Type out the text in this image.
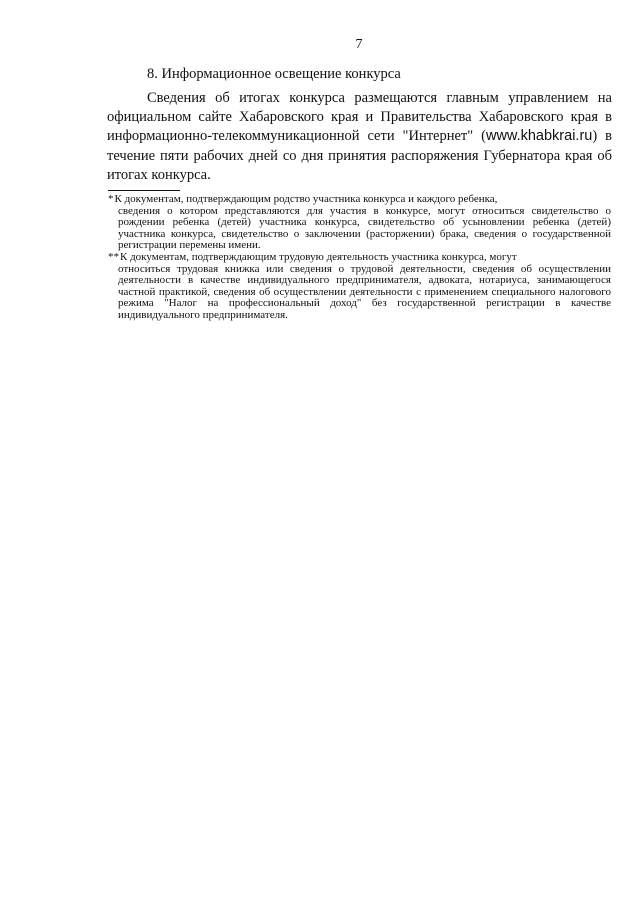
7
8. Информационное освещение конкурса

Сведения об итогах конкурса размещаются главным управлением на официальном сайте Хабаровского края и Правительства Хабаровского края в информационно-телекоммуникационной сети "Интернет" (www.khabkrai.ru) в течение пяти рабочих дней со дня принятия распоряжения Губернатора края об итогах конкурса.

*К документам, подтверждающим родство участника конкурса и каждого ребенка,
сведения о котором представляются для участия в конкурсе, могут относиться свидетельство о рождении ребенка (детей) участника конкурса, свидетельство об усыновлении ребенка (детей) участника конкурса, свидетельство о заключении (расторжении) брака, сведения о государственной регистрации перемены имени.
**К документам, подтверждающим трудовую деятельность участника конкурса, могут
относиться трудовая книжка или сведения о трудовой деятельности, сведения об осуществлении деятельности в качестве индивидуального предпринимателя, адвоката, нотариуса, занимающегося частной практикой, сведения об осуществлении деятельности с применением специального налогового режима "Налог на профессиональный доход" без государственной регистрации в качестве индивидуального предпринимателя.
